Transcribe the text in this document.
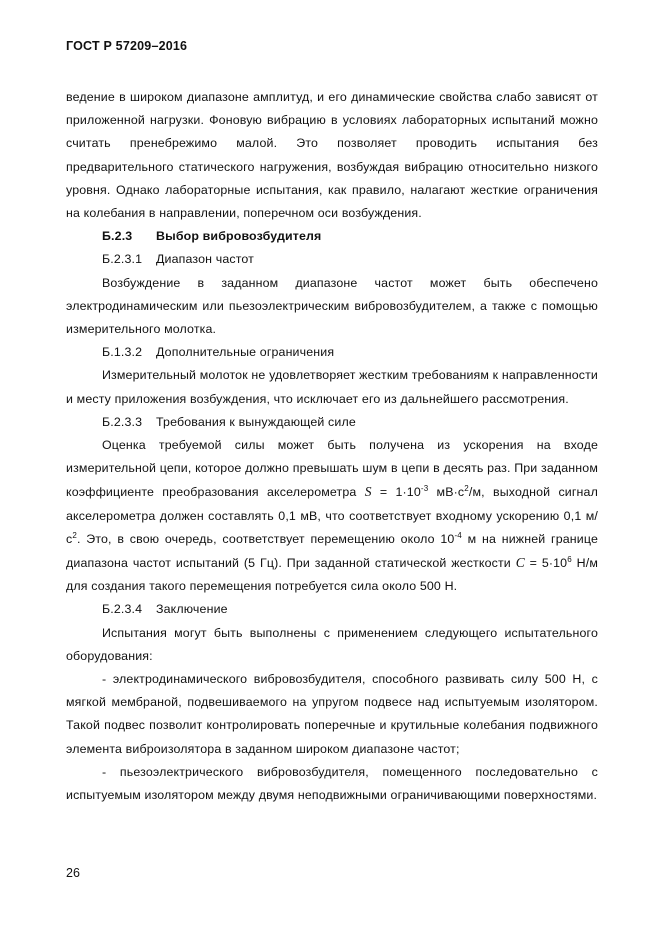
ГОСТ Р 57209–2016

ведение в широком диапазоне амплитуд, и его динамические свойства слабо зависят от приложенной нагрузки. Фоновую вибрацию в условиях лабораторных испытаний можно считать пренебрежимо малой. Это позволяет проводить испытания без предварительного статического нагружения, возбуждая вибрацию относительно низкого уровня. Однако лабораторные испытания, как правило, налагают жесткие ограничения на колебания в направлении, поперечном оси возбуждения.

Б.2.3 Выбор вибровозбудителя

Б.2.3.1 Диапазон частот

Возбуждение в заданном диапазоне частот может быть обеспечено электродинамическим или пьезоэлектрическим вибровозбудителем, а также с помощью измерительного молотка.

Б.1.3.2 Дополнительные ограничения

Измерительный молоток не удовлетворяет жестким требованиям к направленности и месту приложения возбуждения, что исключает его из дальнейшего рассмотрения.

Б.2.3.3 Требования к вынуждающей силе

Оценка требуемой силы может быть получена из ускорения на входе измерительной цепи, которое должно превышать шум в цепи в десять раз. При заданном коэффициенте преобразования акселерометра $S = 1\cdot 10^{-3}$ $мВ\cdot с^2/м$, выходной сигнал акселерометра должен составлять 0,1 мВ, что соответствует входному ускорению 0,1 $м/с^2$. Это, в свою очередь, соответствует перемещению около $10^{-4}$ м на нижней границе диапазона частот испытаний (5 Гц). При заданной статической жесткости $C = 5\cdot 10^6$ Н/м для создания такого перемещения потребуется сила около 500 Н.

Б.2.3.4 Заключение

Испытания могут быть выполнены с применением следующего испытательного оборудования:

- электродинамического вибровозбудителя, способного развивать силу 500 Н, с мягкой мембраной, подвешиваемого на упругом подвесе над испытуемым изолятором. Такой подвес позволит контролировать поперечные и крутильные колебания подвижного элемента виброизолятора в заданном широком диапазоне частот;

- пьезоэлектрического вибровозбудителя, помещенного последовательно с испытуемым изолятором между двумя неподвижными ограничивающими поверхностями.

26
